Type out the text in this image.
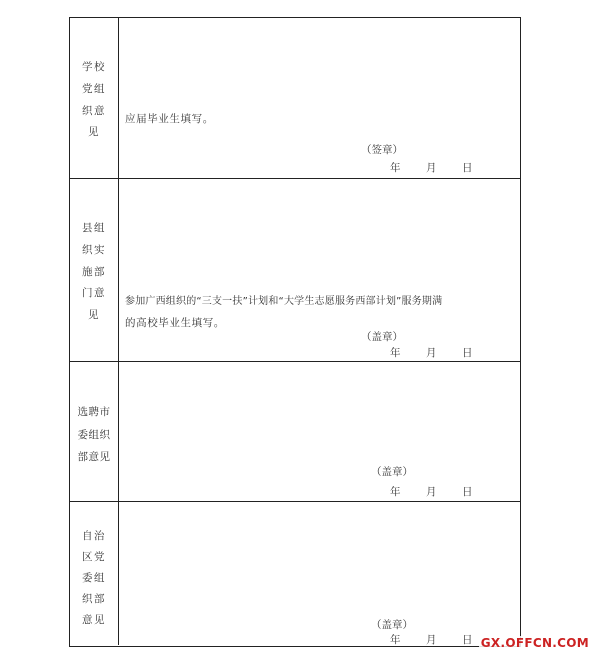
学校
党组
织意
见
应届毕业生填写。
（签章）
年 月 日
县组
织实
施部
门意
见
参加广西组织的“三支一扶”计划和“大学生志愿服务西部计划”服务期满
的高校毕业生填写。
（盖章）
年 月 日
选聘市
委组织
部意见
（盖章）
年 月 日
自治
区党
委组
织部
意见	（盖章）
年 月 日 GX.OFFCN.COM
